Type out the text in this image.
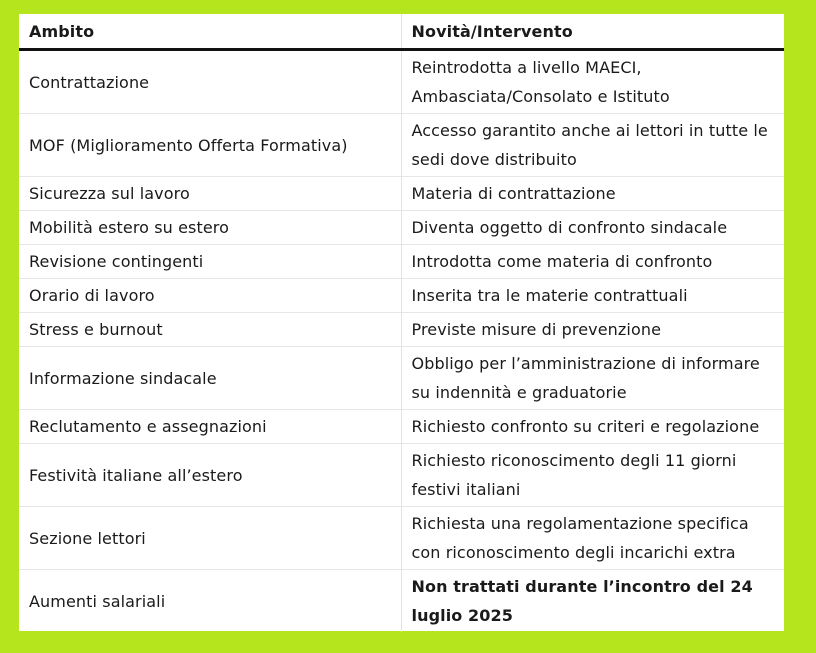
Ambito	Novità/Intervento
Contrattazione	Reintrodotta a livello MAECI, Ambasciata/Consolato e Istituto
MOF (Miglioramento Offerta Formativa)	Accesso garantito anche ai lettori in tutte le sedi dove distribuito
Sicurezza sul lavoro	Materia di contrattazione
Mobilità estero su estero	Diventa oggetto di confronto sindacale
Revisione contingenti	Introdotta come materia di confronto
Orario di lavoro	Inserita tra le materie contrattuali
Stress e burnout	Previste misure di prevenzione
Informazione sindacale	Obbligo per l’amministrazione di informare su indennità e graduatorie
Reclutamento e assegnazioni	Richiesto confronto su criteri e regolazione
Festività italiane all’estero	Richiesto riconoscimento degli 11 giorni festivi italiani
Sezione lettori	Richiesta una regolamentazione specifica con riconoscimento degli incarichi extra
Aumenti salariali	Non trattati durante l’incontro del 24 luglio 2025
